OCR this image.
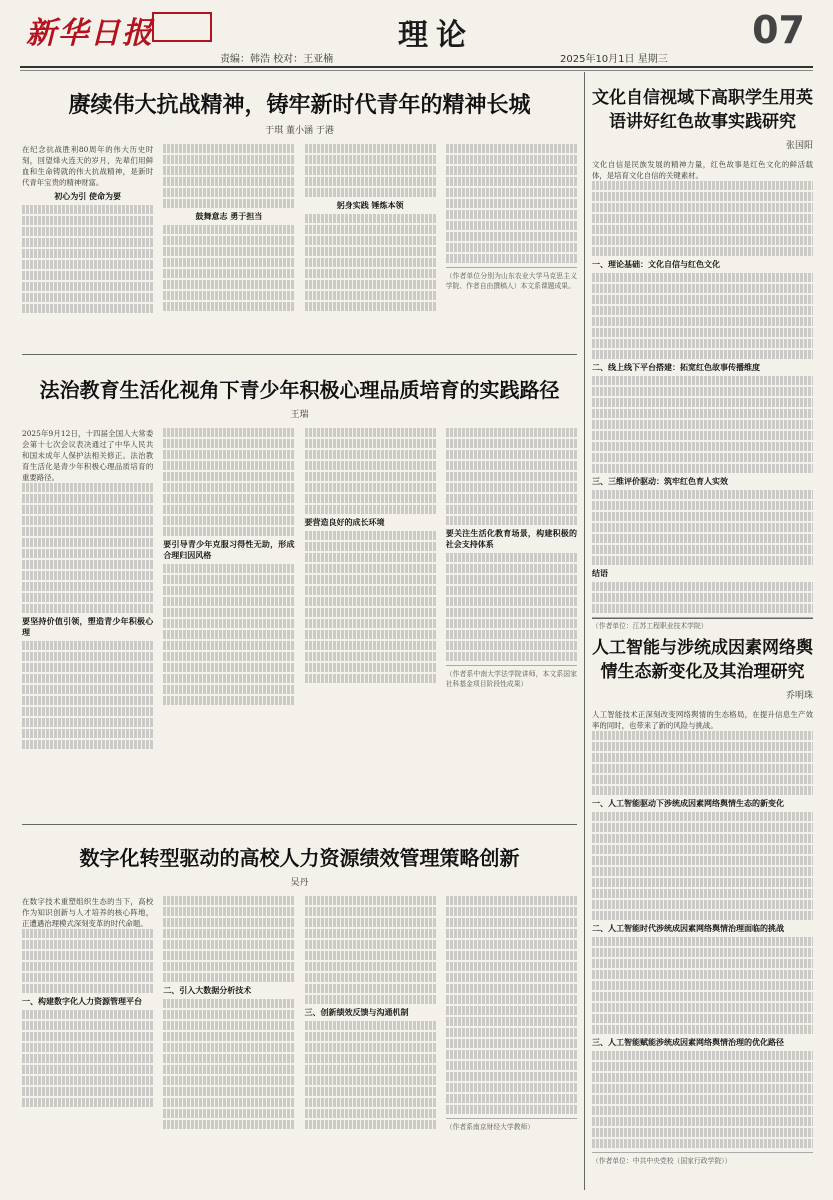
新华日报	理论	07
责编：韩浩 校对：王亚楠	2025年10月1日 星期三
赓续伟大抗战精神，铸牢新时代青年的精神长城
于琪 董小涵 于港

在纪念抗战胜利80周年的伟大历史时刻，回望烽火连天的岁月，先辈们用鲜血和生命铸就的伟大抗战精神，是新时代青年宝贵的精神财富。

初心为引 使命为要
鼓舞意志 勇于担当
躬身实践 锤炼本领
（作者单位分别为山东农业大学马克思主义学院、作者自由撰稿人）本文系课题成果。
法治教育生活化视角下青少年积极心理品质培育的实践路径
王瑞

2025年9月12日，十四届全国人大常委会第十七次会议表决通过了中华人民共和国未成年人保护法相关修正。法治教育生活化是青少年积极心理品质培育的重要路径。

要坚持价值引领，塑造青少年积极心理
要引导青少年克服习得性无助，形成合理归因风格
要营造良好的成长环境
要关注生活化教育场景，构建积极的社会支持体系
（作者系中南大学法学院讲师，本文系国家社科基金项目阶段性成果）
文化自信视域下高职学生用英语讲好红色故事实践研究
张国阳

文化自信是民族发展的精神力量，红色故事是红色文化的鲜活载体，是培育文化自信的关键素材。

一、理论基础：文化自信与红色文化
二、线上线下平台搭建：拓宽红色故事传播维度
三、三维评价驱动：筑牢红色育人实效
结语
（作者单位：江苏工程职业技术学院）
人工智能与涉统成因素网络舆情生态新变化及其治理研究
乔明珠

人工智能技术正深刻改变网络舆情的生态格局，在提升信息生产效率的同时，也带来了新的风险与挑战。

一、人工智能驱动下涉统成因素网络舆情生态的新变化
二、人工智能时代涉统成因素网络舆情治理面临的挑战
三、人工智能赋能涉统成因素网络舆情治理的优化路径
（作者单位：中共中央党校（国家行政学院））
数字化转型驱动的高校人力资源绩效管理策略创新
吴丹

在数字技术重塑组织生态的当下，高校作为知识创新与人才培养的核心阵地，正遭遇治理模式深刻变革的时代命题。

一、构建数字化人力资源管理平台
二、引入大数据分析技术
三、创新绩效反馈与沟通机制
（作者系南京财经大学教师）
